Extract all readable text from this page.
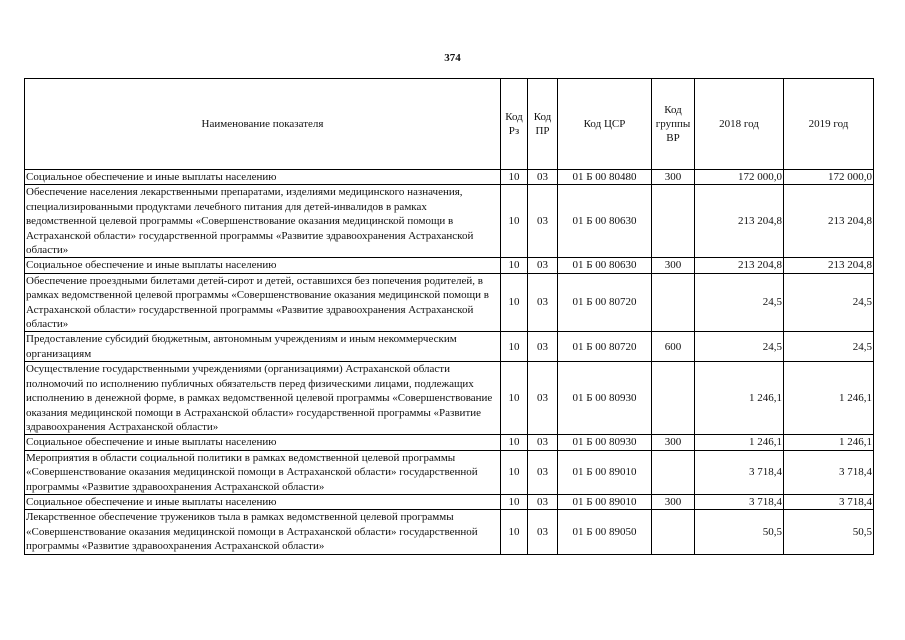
374
Наименование показателя	Код Рз	Код ПР	Код ЦСР	Код группы ВР	2018 год	2019 год
Социальное обеспечение и иные выплаты населению	10	03	01 Б 00 80480	300	172 000,0	172 000,0
Обеспечение населения лекарственными препаратами, изделиями медицинского назначения, специализированными продуктами лечебного питания для детей-инвалидов в рамках ведомственной целевой программы «Совершенствование оказания медицинской помощи в Астраханской области» государственной программы «Развитие здравоохранения Астраханской области»	10	03	01 Б 00 80630		213 204,8	213 204,8
Социальное обеспечение и иные выплаты населению	10	03	01 Б 00 80630	300	213 204,8	213 204,8
Обеспечение проездными билетами детей-сирот и детей, оставшихся без попечения родителей, в рамках ведомственной целевой программы «Совершенствование оказания медицинской помощи в Астраханской области» государственной программы «Развитие здравоохранения Астраханской области»	10	03	01 Б 00 80720		24,5	24,5
Предоставление субсидий бюджетным, автономным учреждениям и иным некоммерческим организациям	10	03	01 Б 00 80720	600	24,5	24,5
Осуществление государственными учреждениями (организациями) Астраханской области полномочий по исполнению публичных обязательств перед физическими лицами, подлежащих исполнению в денежной форме, в рамках ведомственной целевой программы «Совершенствование оказания медицинской помощи в Астраханской области» государственной программы «Развитие здравоохранения Астраханской области»	10	03	01 Б 00 80930		1 246,1	1 246,1
Социальное обеспечение и иные выплаты населению	10	03	01 Б 00 80930	300	1 246,1	1 246,1
Мероприятия в области социальной политики в рамках ведомственной целевой программы «Совершенствование оказания медицинской помощи в Астраханской области» государственной программы «Развитие здравоохранения Астраханской области»	10	03	01 Б 00 89010		3 718,4	3 718,4
Социальное обеспечение и иные выплаты населению	10	03	01 Б 00 89010	300	3 718,4	3 718,4
Лекарственное обеспечение тружеников тыла в рамках ведомственной целевой программы «Совершенствование оказания медицинской помощи в Астраханской области» государственной программы «Развитие здравоохранения Астраханской области»	10	03	01 Б 00 89050		50,5	50,5
